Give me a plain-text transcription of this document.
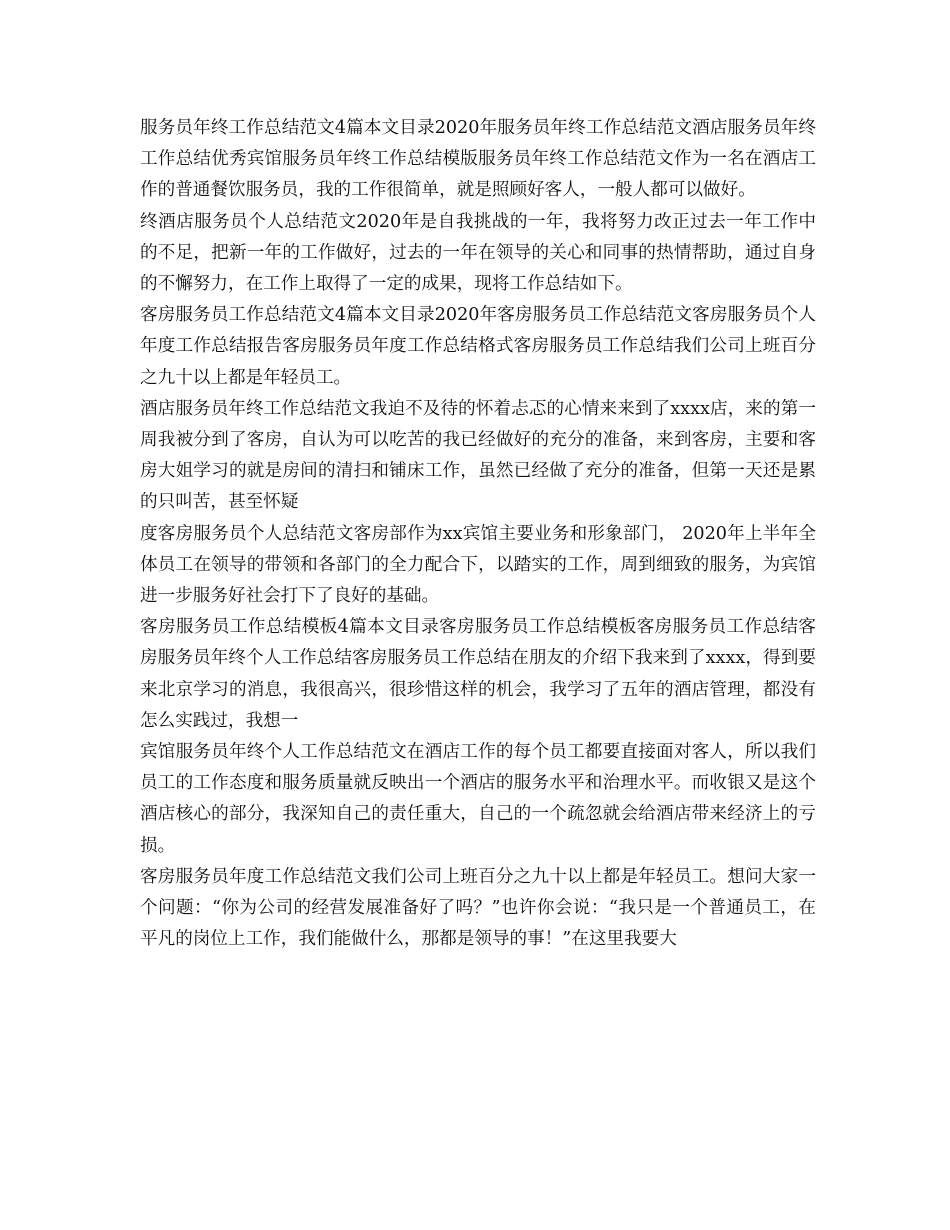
服务员年终工作总结范文4篇本文目录2020年服务员年终工作总结范文酒店服务员年终工作总结优秀宾馆服务员年终工作总结模版服务员年终工作总结范文作为一名在酒店工作的普通餐饮服务员，我的工作很简单，就是照顾好客人，一般人都可以做好。

终酒店服务员个人总结范文2020年是自我挑战的一年，我将努力改正过去一年工作中的不足，把新一年的工作做好，过去的一年在领导的关心和同事的热情帮助，通过自身的不懈努力，在工作上取得了一定的成果，现将工作总结如下。

客房服务员工作总结范文4篇本文目录2020年客房服务员工作总结范文客房服务员个人年度工作总结报告客房服务员年度工作总结格式客房服务员工作总结我们公司上班百分之九十以上都是年轻员工。

酒店服务员年终工作总结范文我迫不及待的怀着忐忑的心情来来到了xxxx店，来的第一周我被分到了客房，自认为可以吃苦的我已经做好的充分的准备，来到客房，主要和客房大姐学习的就是房间的清扫和铺床工作，虽然已经做了充分的准备，但第一天还是累的只叫苦，甚至怀疑

度客房服务员个人总结范文客房部作为xx宾馆主要业务和形象部门， 2020年上半年全体员工在领导的带领和各部门的全力配合下，以踏实的工作，周到细致的服务，为宾馆进一步服务好社会打下了良好的基础。

客房服务员工作总结模板4篇本文目录客房服务员工作总结模板客房服务员工作总结客房服务员年终个人工作总结客房服务员工作总结在朋友的介绍下我来到了xxxx，得到要来北京学习的消息，我很高兴，很珍惜这样的机会，我学习了五年的酒店管理，都没有怎么实践过，我想一

宾馆服务员年终个人工作总结范文在酒店工作的每个员工都要直接面对客人，所以我们员工的工作态度和服务质量就反映出一个酒店的服务水平和治理水平。而收银又是这个酒店核心的部分，我深知自己的责任重大，自己的一个疏忽就会给酒店带来经济上的亏损。

客房服务员年度工作总结范文我们公司上班百分之九十以上都是年轻员工。想问大家一个问题：“你为公司的经营发展准备好了吗？”也许你会说：“我只是一个普通员工，在平凡的岗位上工作，我们能做什么，那都是领导的事！”在这里我要大
